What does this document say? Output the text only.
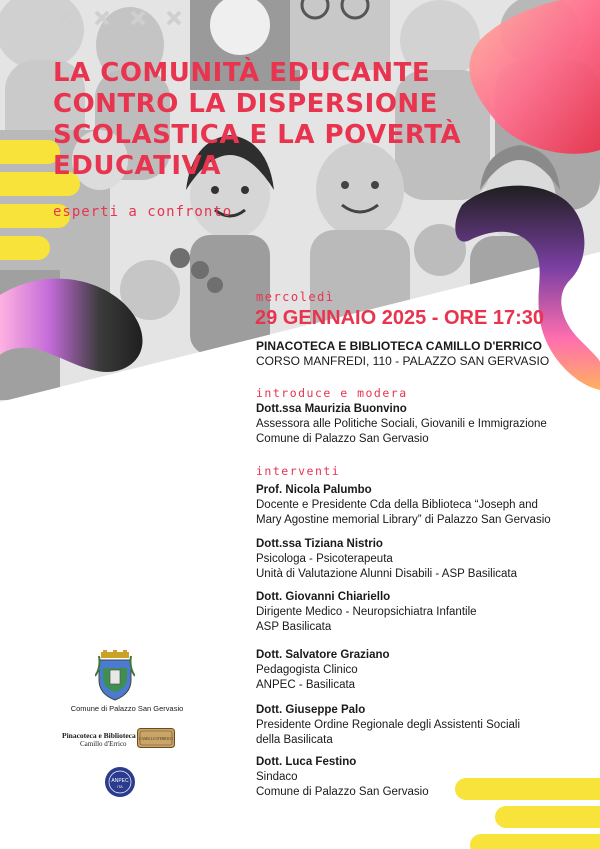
LA COMUNITÀ EDUCANTE CONTRO LA DISPERSIONE SCOLASTICA E LA POVERTÀ EDUCATIVA
esperti a confronto
mercoledì
29 GENNAIO 2025 - ORE 17:30
PINACOTECA E BIBLIOTECA CAMILLO D'ERRICO
CORSO MANFREDI, 110 - PALAZZO SAN GERVASIO
introduce e modera
Dott.ssa Maurizia Buonvino
Assessora alle Politiche Sociali, Giovanili e Immigrazione
Comune di Palazzo San Gervasio
interventi
Prof. Nicola Palumbo
Docente e Presidente Cda della Biblioteca “Joseph and
Mary Agostine memorial Library” di Palazzo San Gervasio
Dott.ssa Tiziana Nistrio
Psicologa - Psicoterapeuta
Unità di Valutazione Alunni Disabili - ASP Basilicata
Dott. Giovanni Chiariello
Dirigente Medico - Neuropsichiatra Infantile
ASP Basilicata
Dott. Salvatore Graziano
Pedagogista Clinico
ANPEC - Basilicata
Dott. Giuseppe Palo
Presidente Ordine Regionale degli Assistenti Sociali
della Basilicata
Dott. Luca Festino
Sindaco
Comune di Palazzo San Gervasio
Comune di Palazzo San Gervasio
Pinacoteca e Biblioteca
Camillo d'Errico
CAMILLO D'ERRICO
ANPEC
ITA
